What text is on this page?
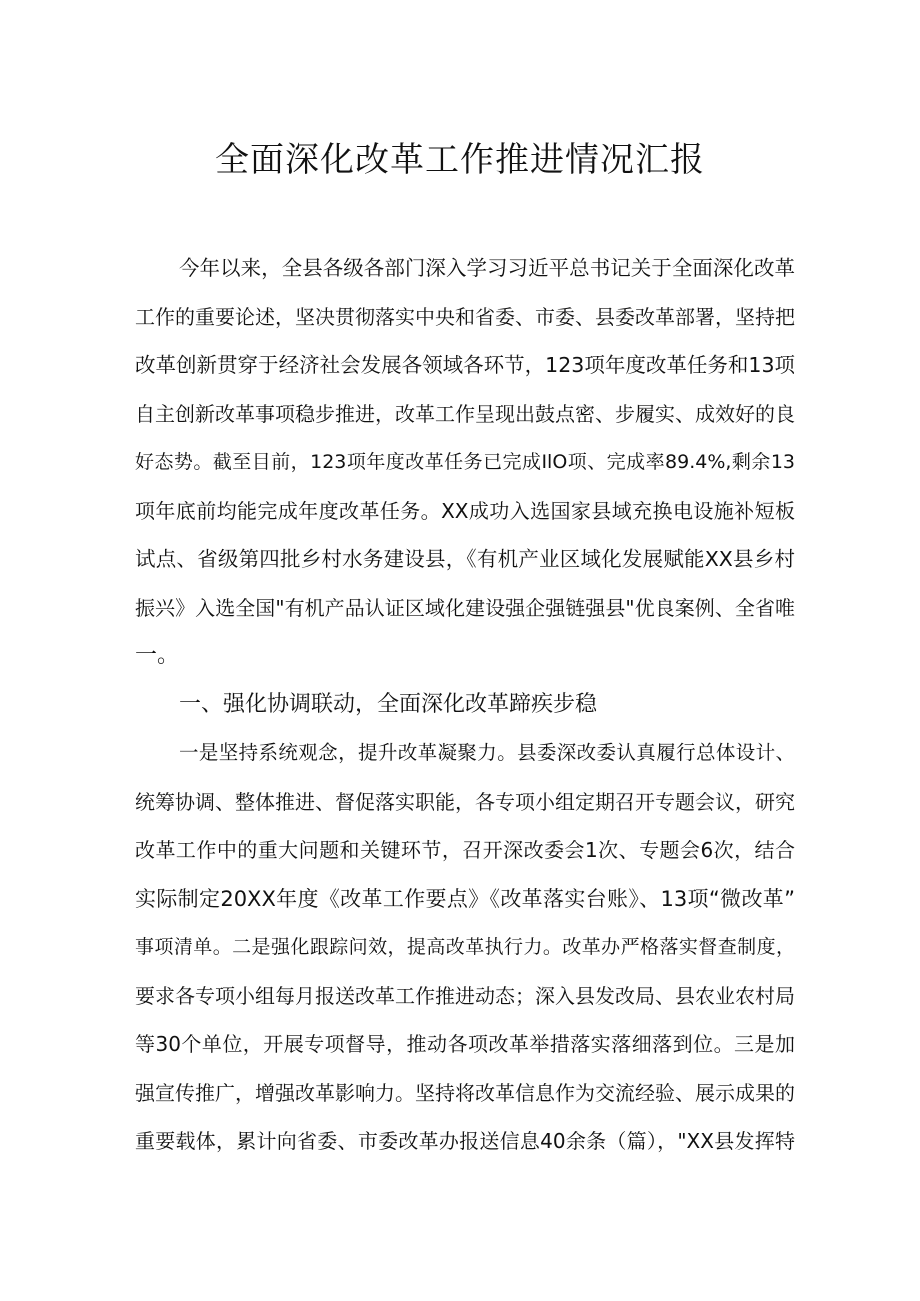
全面深化改革工作推进情况汇报
今年以来，全县各级各部门深入学习习近平总书记关于全面深化改革
工作的重要论述，坚决贯彻落实中央和省委、市委、县委改革部署，坚持把
改革创新贯穿于经济社会发展各领域各环节，123项年度改革任务和13项
自主创新改革事项稳步推进，改革工作呈现出鼓点密、步履实、成效好的良
好态势。截至目前，123项年度改革任务已完成IlO项、完成率89.4%,剩余13
项年底前均能完成年度改革任务。XX成功入选国家县域充换电设施补短板
试点、省级第四批乡村水务建设县，《有机产业区域化发展赋能XX县乡村
振兴》入选全国"有机产品认证区域化建设强企强链强县"优良案例、全省唯
一。
一、强化协调联动，全面深化改革蹄疾步稳
一是坚持系统观念，提升改革凝聚力。县委深改委认真履行总体设计、
统筹协调、整体推进、督促落实职能，各专项小组定期召开专题会议，研究
改革工作中的重大问题和关键环节，召开深改委会1次、专题会6次，结合
实际制定20XX年度《改革工作要点》《改革落实台账》、13项“微改革”
事项清单。二是强化跟踪问效，提高改革执行力。改革办严格落实督查制度，
要求各专项小组每月报送改革工作推进动态；深入县发改局、县农业农村局
等30个单位，开展专项督导，推动各项改革举措落实落细落到位。三是加
强宣传推广，增强改革影响力。坚持将改革信息作为交流经验、展示成果的
重要载体，累计向省委、市委改革办报送信息40余条（篇），"XX县发挥特
